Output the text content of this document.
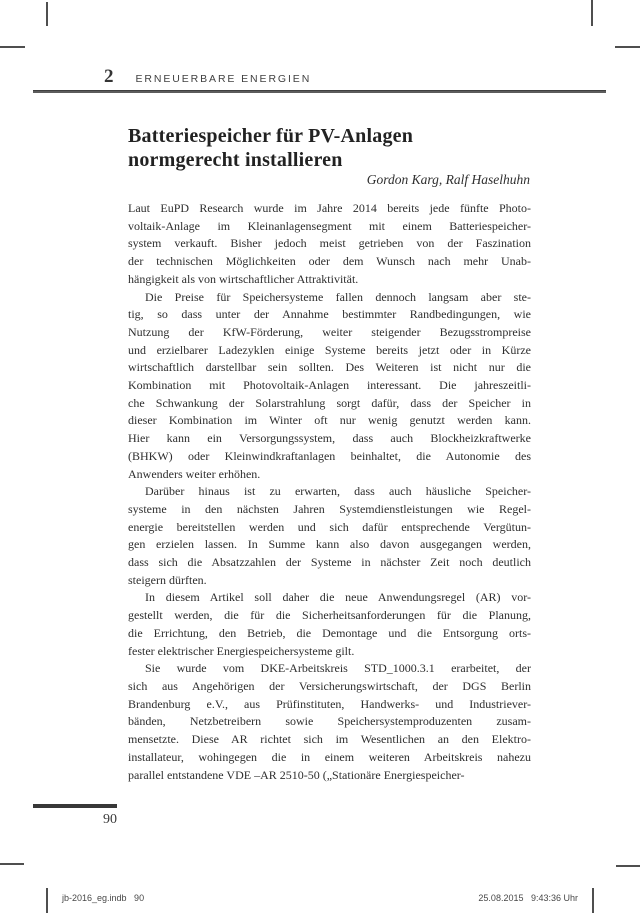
2 ERNEUERBARE ENERGIEN
Batteriespeicher für PV-Anlagen
normgerecht installieren
Gordon Karg, Ralf Haselhuhn
Laut EuPD Research wurde im Jahre 2014 bereits jede fünfte Photo-
voltaik-Anlage im Kleinanlagensegment mit einem Batteriespeicher-
system verkauft. Bisher jedoch meist getrieben von der Faszination
der technischen Möglichkeiten oder dem Wunsch nach mehr Unab-
hängigkeit als von wirtschaftlicher Attraktivität.
Die Preise für Speichersysteme fallen dennoch langsam aber ste-
tig, so dass unter der Annahme bestimmter Randbedingungen, wie
Nutzung der KfW-Förderung, weiter steigender Bezugsstrompreise
und erzielbarer Ladezyklen einige Systeme bereits jetzt oder in Kürze
wirtschaftlich darstellbar sein sollten. Des Weiteren ist nicht nur die
Kombination mit Photovoltaik-Anlagen interessant. Die jahreszeitli-
che Schwankung der Solarstrahlung sorgt dafür, dass der Speicher in
dieser Kombination im Winter oft nur wenig genutzt werden kann.
Hier kann ein Versorgungssystem, dass auch Blockheizkraftwerke
(BHKW) oder Kleinwindkraftanlagen beinhaltet, die Autonomie des
Anwenders weiter erhöhen.
Darüber hinaus ist zu erwarten, dass auch häusliche Speicher-
systeme in den nächsten Jahren Systemdienstleistungen wie Regel-
energie bereitstellen werden und sich dafür entsprechende Vergütun-
gen erzielen lassen. In Summe kann also davon ausgegangen werden,
dass sich die Absatzzahlen der Systeme in nächster Zeit noch deutlich
steigern dürften.
In diesem Artikel soll daher die neue Anwendungsregel (AR) vor-
gestellt werden, die für die Sicherheitsanforderungen für die Planung,
die Errichtung, den Betrieb, die Demontage und die Entsorgung orts-
fester elektrischer Energiespeichersysteme gilt.
Sie wurde vom DKE-Arbeitskreis STD_1000.3.1 erarbeitet, der
sich aus Angehörigen der Versicherungswirtschaft, der DGS Berlin
Brandenburg e.V., aus Prüfinstituten, Handwerks- und Industriever-
bänden, Netzbetreibern sowie Speichersystemproduzenten zusam-
mensetzte. Diese AR richtet sich im Wesentlichen an den Elektro-
installateur, wohingegen die in einem weiteren Arbeitskreis nahezu
parallel entstandene VDE –AR 2510-50 („Stationäre Energiespeicher-
90
jb-2016_eg.indb   90	25.08.2015   9:43:36 Uhr
